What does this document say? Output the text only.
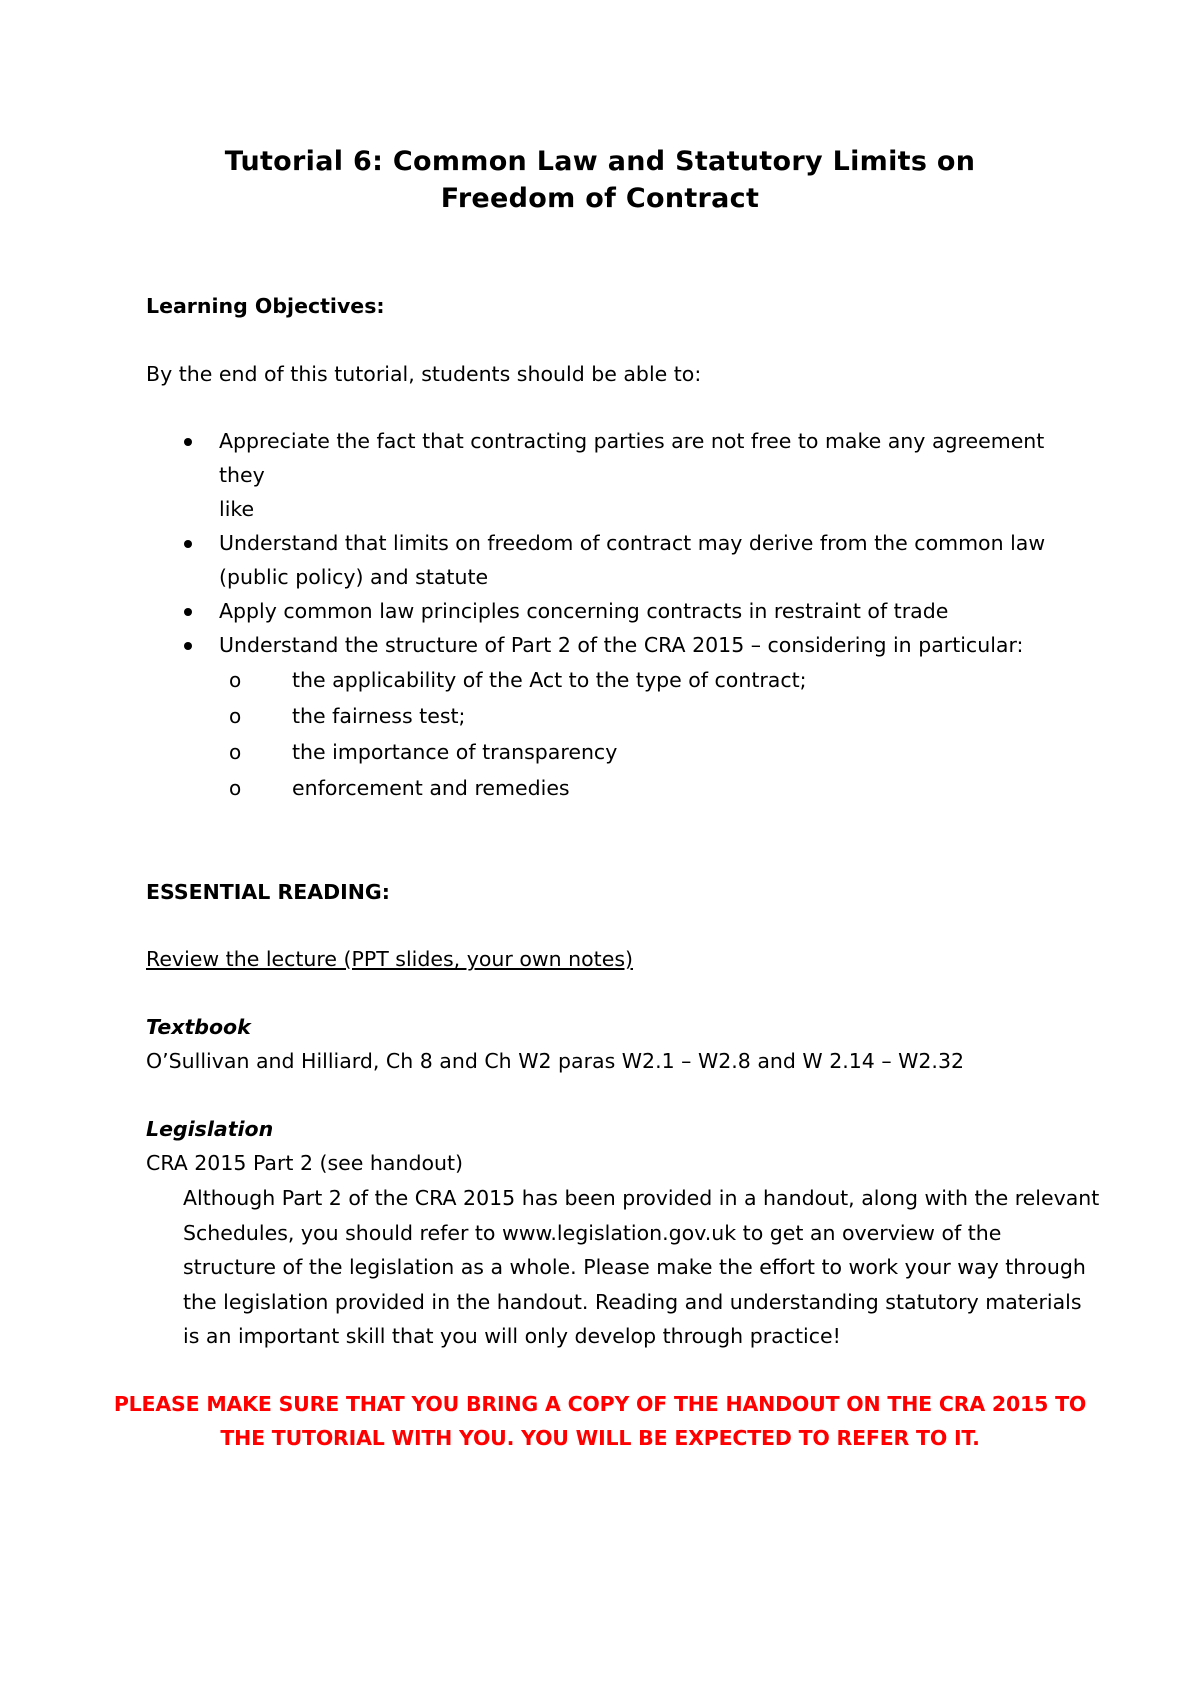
Tutorial 6: Common Law and Statutory Limits on
Freedom of Contract
Learning Objectives:
By the end of this tutorial, students should be able to:
Appreciate the fact that contracting parties are not free to make any agreement they
like
Understand that limits on freedom of contract may derive from the common law
(public policy) and statute
Apply common law principles concerning contracts in restraint of trade
Understand the structure of Part 2 of the CRA 2015 – considering in particular:
o the applicability of the Act to the type of contract;
o the fairness test;
o the importance of transparency
o enforcement and remedies
ESSENTIAL READING:
Review the lecture (PPT slides, your own notes)
Textbook
O’Sullivan and Hilliard, Ch 8 and Ch W2 paras W2.1 – W2.8 and W 2.14 – W2.32
Legislation
CRA 2015 Part 2 (see handout)
Although Part 2 of the CRA 2015 has been provided in a handout, along with the relevant
Schedules, you should refer to www.legislation.gov.uk to get an overview of the
structure of the legislation as a whole. Please make the effort to work your way through
the legislation provided in the handout. Reading and understanding statutory materials
is an important skill that you will only develop through practice!
PLEASE MAKE SURE THAT YOU BRING A COPY OF THE HANDOUT ON THE CRA 2015 TO
THE TUTORIAL WITH YOU. YOU WILL BE EXPECTED TO REFER TO IT.
